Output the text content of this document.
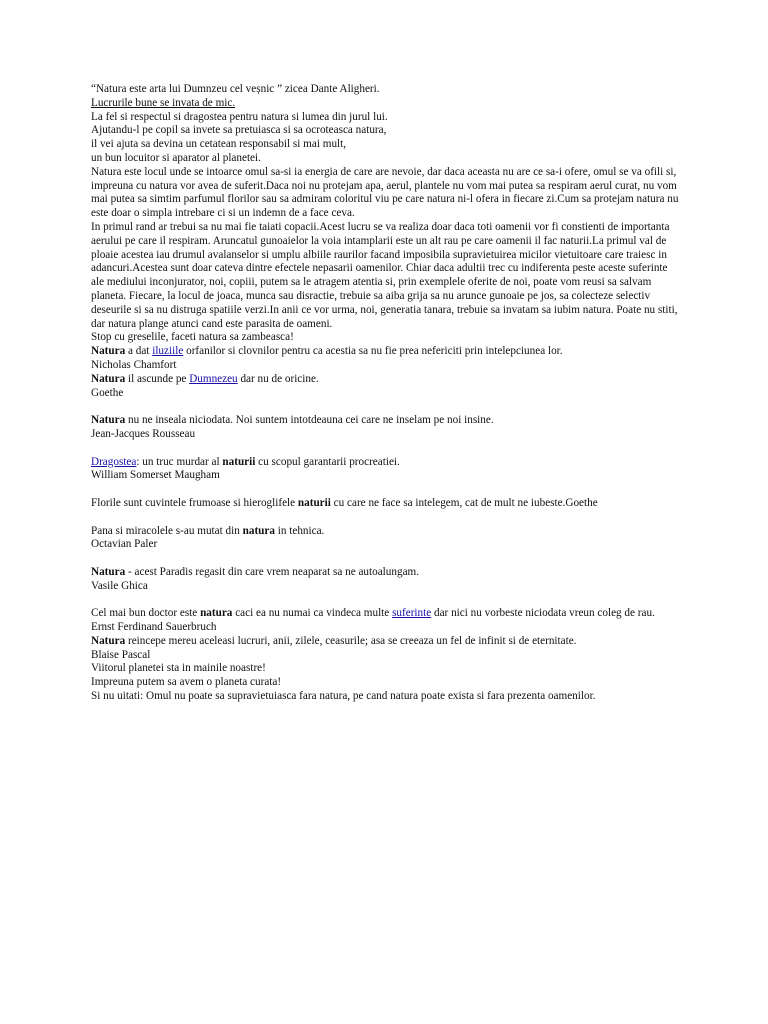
“Natura este arta lui Dumnzeu cel veșnic ” zicea Dante Aligheri.
Lucrurile bune se invata de mic.
La fel si respectul si dragostea pentru natura si lumea din jurul lui.
Ajutandu-l pe copil sa invete sa pretuiasca si sa ocroteasca natura,
il vei ajuta sa devina un cetatean responsabil si mai mult,
un bun locuitor si aparator al planetei.
Natura este locul unde se intoarce omul sa-si ia energia de care are nevoie, dar daca aceasta nu are ce sa-i ofere, omul se va ofili si, impreuna cu natura vor avea de suferit.Daca noi nu protejam apa, aerul, plantele nu vom mai putea sa respiram aerul curat, nu vom mai putea sa simtim parfumul florilor sau sa admiram coloritul viu pe care natura ni-l ofera in fiecare zi.Cum sa protejam natura nu este doar o simpla intrebare ci si un indemn de a face ceva.
In primul rand ar trebui sa nu mai fie taiati copacii.Acest lucru se va realiza doar daca toti oamenii vor fi constienti de importanta aerului pe care il respiram. Aruncatul gunoaielor la voia intamplarii este un alt rau pe care oamenii il fac naturii.La primul val de ploaie acestea iau drumul avalanselor si umplu albiile raurilor facand imposibila supravietuirea micilor vietuitoare care traiesc in adancuri.Acestea sunt doar cateva dintre efectele nepasarii oamenilor. Chiar daca adultii trec cu indiferenta peste aceste suferinte ale mediului inconjurator, noi, copiii, putem sa le atragem atentia si, prin exemplele oferite de noi, poate vom reusi sa salvam planeta. Fiecare, la locul de joaca, munca sau disractie, trebuie sa aiba grija sa nu arunce gunoaie pe jos, sa colecteze selectiv deseurile si sa nu distruga spatiile verzi.In anii ce vor urma, noi, generatia tanara, trebuie sa invatam sa iubim natura. Poate nu stiti, dar natura plange atunci cand este parasita de oameni.
Stop cu greselile, faceti natura sa zambeasca!
Natura a dat iluziile orfanilor si clovnilor pentru ca acestia sa nu fie prea nefericiti prin intelepciunea lor.
Nicholas Chamfort
Natura il ascunde pe Dumnezeu dar nu de oricine.
Goethe
Natura nu ne inseala niciodata. Noi suntem intotdeauna cei care ne inselam pe noi insine.
Jean-Jacques Rousseau
Dragostea: un truc murdar al naturii cu scopul garantarii procreatiei.
William Somerset Maugham
Florile sunt cuvintele frumoase si hieroglifele naturii cu care ne face sa intelegem, cat de mult ne iubeste.Goethe
Pana si miracolele s-au mutat din natura in tehnica.
Octavian Paler
Natura - acest Paradis regasit din care vrem neaparat sa ne autoalungam.
Vasile Ghica
Cel mai bun doctor este natura caci ea nu numai ca vindeca multe suferinte dar nici nu vorbeste niciodata vreun coleg de rau.
Ernst Ferdinand Sauerbruch
Natura reincepe mereu aceleasi lucruri, anii, zilele, ceasurile; asa se creeaza un fel de infinit si de eternitate.
Blaise Pascal
Viitorul planetei sta in mainile noastre!
Impreuna putem sa avem o planeta curata!
Si nu uitati: Omul nu poate sa supravietuiasca fara natura, pe cand natura poate exista si fara prezenta oamenilor.
